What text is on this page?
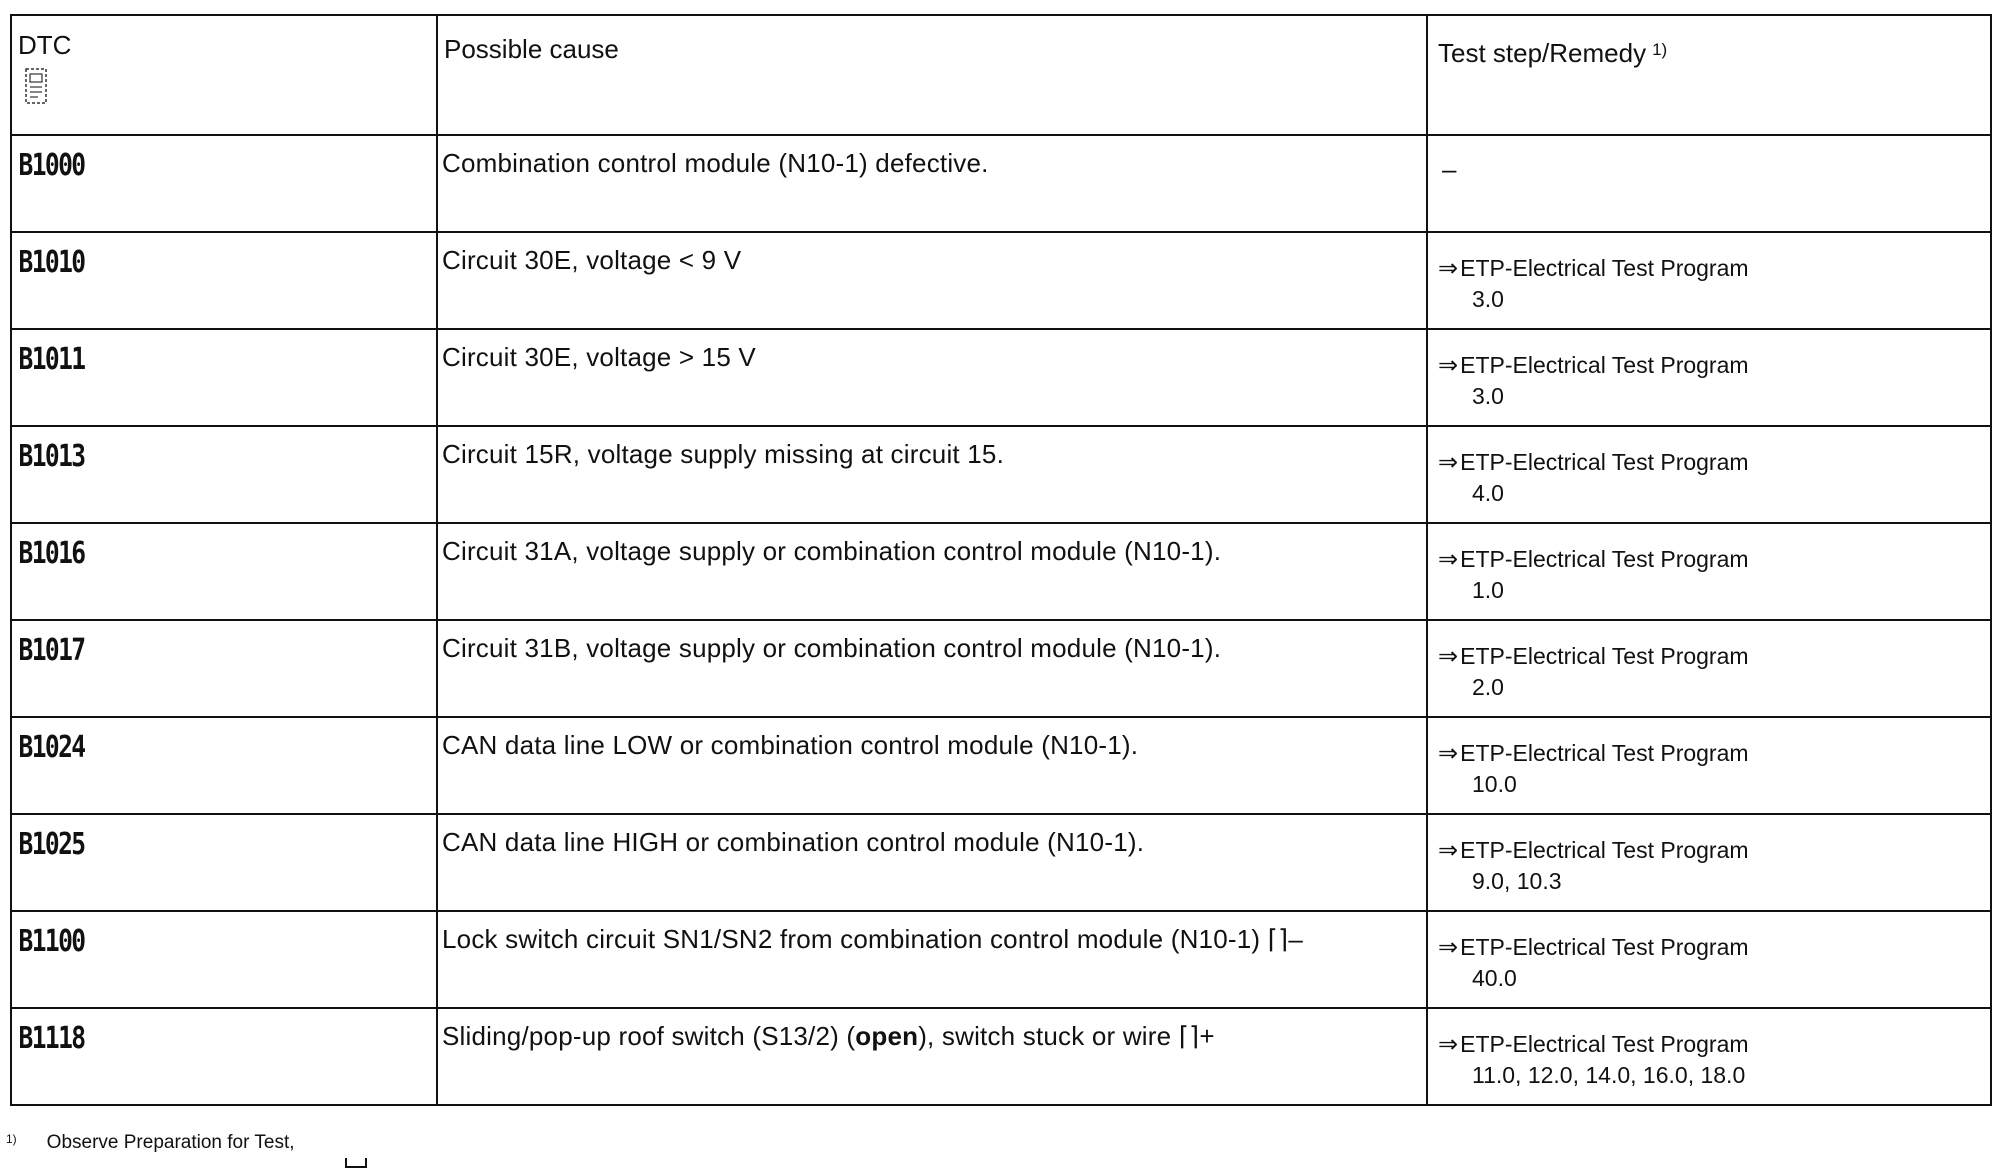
DTC	Possible cause	Test step/Remedy $^{1)}$
B1000	Combination control module (N10-1) defective.	–

B1010	Circuit 30E, voltage < 9 V	⇒ETP-Electrical Test Program
3.0

B1011	Circuit 30E, voltage > 15 V	⇒ETP-Electrical Test Program
3.0

B1013	Circuit 15R, voltage supply missing at circuit 15.	⇒ETP-Electrical Test Program
4.0

B1016	Circuit 31A, voltage supply or combination control module (N10-1).	⇒ETP-Electrical Test Program
1.0

B1017	Circuit 31B, voltage supply or combination control module (N10-1).	⇒ETP-Electrical Test Program
2.0

B1024	CAN data line LOW or combination control module (N10-1).	⇒ETP-Electrical Test Program
10.0

B1025	CAN data line HIGH or combination control module (N10-1).	⇒ETP-Electrical Test Program
9.0, 10.3

B1100	Lock switch circuit SN1/SN2 from combination control module (N10-1) ⌈⌉–	⇒ETP-Electrical Test Program
40.0

B1118	Sliding/pop-up roof switch (S13/2) (open), switch stuck or wire ⌈⌉+	⇒ETP-Electrical Test Program
11.0, 12.0, 14.0, 16.0, 18.0
$^{1)}$ Observe Preparation for Test,
